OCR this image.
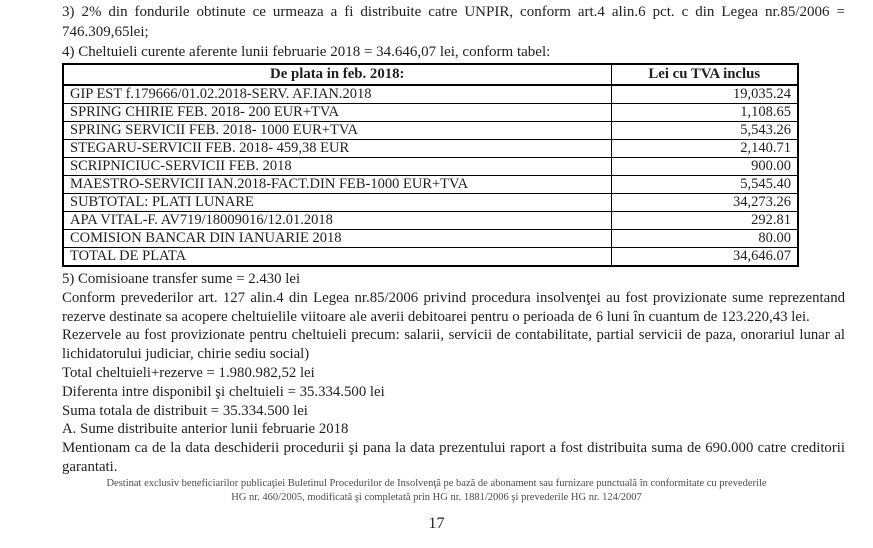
3) 2% din fondurile obtinute ce urmeaza a fi distribuite catre UNPIR, conform art.4 alin.6 pct. c din Legea nr.85/2006 = 746.309,65lei;

4) Cheltuieli curente aferente lunii februarie 2018 = 34.646,07 lei, conform tabel:

De plata in feb. 2018:	Lei cu TVA inclus
GIP EST f.179666/01.02.2018-SERV. AF.IAN.2018	19,035.24
SPRING CHIRIE FEB. 2018- 200 EUR+TVA	1,108.65
SPRING SERVICII FEB. 2018- 1000 EUR+TVA	5,543.26
STEGARU-SERVICII FEB. 2018- 459,38 EUR	2,140.71
SCRIPNICIUC-SERVICII FEB. 2018	900.00
MAESTRO-SERVICII IAN.2018-FACT.DIN FEB-1000 EUR+TVA	5,545.40
SUBTOTAL: PLATI LUNARE	34,273.26
APA VITAL-F. AV719/18009016/12.01.2018	292.81
COMISION BANCAR DIN IANUARIE 2018	80.00
TOTAL DE PLATA	34,646.07

5) Comisioane transfer sume = 2.430 lei

Conform prevederilor art. 127 alin.4 din Legea nr.85/2006 privind procedura insolvenţei au fost provizionate sume reprezentand rezerve destinate sa acopere cheltuielile viitoare ale averii debitoarei pentru o perioada de 6 luni în cuantum de 123.220,43 lei.

Rezervele au fost provizionate pentru cheltuieli precum: salarii, servicii de contabilitate, partial servicii de paza, onorariul lunar al lichidatorului judiciar, chirie sediu social)

Total cheltuieli+rezerve = 1.980.982,52 lei

Diferenta intre disponibil şi cheltuieli = 35.334.500 lei

Suma totala de distribuit = 35.334.500 lei

A. Sume distribuite anterior lunii februarie 2018

Mentionam ca de la data deschiderii procedurii şi pana la data prezentului raport a fost distribuita suma de 690.000 catre creditorii garantati.

Destinat exclusiv beneficiarilor publicaţiei Buletinul Procedurilor de Insolvenţă pe bază de abonament sau furnizare punctuală în conformitate cu prevederile
HG nr. 460/2005, modificată şi completată prin HG nr. 1881/2006 şi prevederile HG nr. 124/2007
17
